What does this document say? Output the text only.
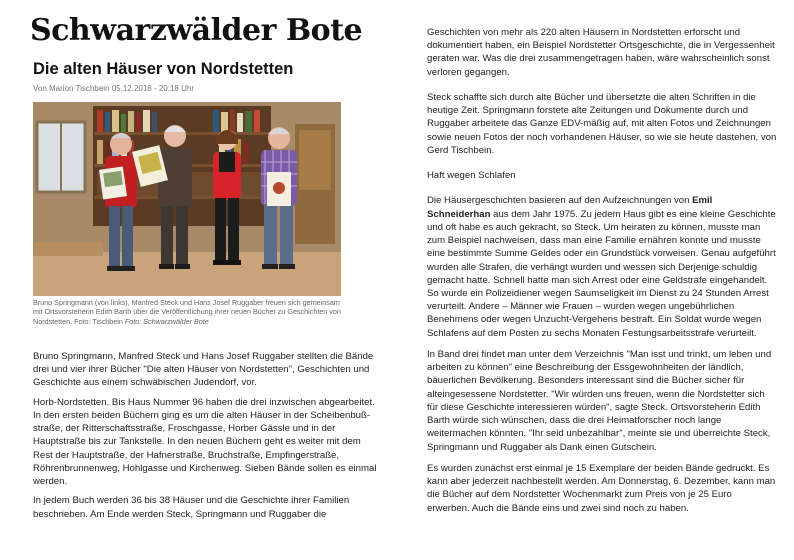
Schwarzwälder Bote
Die alten Häuser von Nordstetten
Von Marion Tischbein 05.12.2018 - 20:18 Uhr
Bruno Springmann (von links), Manfred Steck und Hans Josef Ruggaber freuen sich gemeinsam mit Ortsvorsteherin Edith Barth über die Veröffentlichung ihrer neuen Bücher zu Geschichten von Nordstetten. Foto: Tischbein Foto: Schwarzwälder Bote

Bruno Springmann, Manfred Steck und Hans Josef Ruggaber stellten die Bände drei und vier ihrer Bücher "Die alten Häuser von Nordstetten", Geschichten und Geschichte aus einem schwäbischen Judendorf, vor.

Horb-Nordstetten. Bis Haus Nummer 96 haben die drei inzwischen abgearbeitet. In den ersten beiden Büchern ging es um die alten Häuser in der Scheibenbuß-straße, der Ritterschaftsstraße, Froschgasse, Horber Gässle und in der Hauptstraße bis zur Tankstelle. In den neuen Büchern geht es weiter mit dem Rest der Hauptstraße, der Hafnerstraße, Bruchstraße, Empfingerstraße, Röhrenbrunnenweg, Hohlgasse und Kirchenweg. Sieben Bände sollen es einmal werden.

In jedem Buch werden 36 bis 38 Häuser und die Geschichte ihrer Familien beschrieben. Am Ende werden Steck, Springmann und Ruggaber die

Geschichten von mehr als 220 alten Häusern in Nordstetten erforscht und dokumentiert haben, ein Beispiel Nordstetter Ortsgeschichte, die in Vergessenheit geraten war. Was die drei zusammengetragen haben, wäre wahrscheinlich sonst verloren gegangen.

Steck schaffte sich durch alte Bücher und übersetzte die alten Schriften in die heutige Zeit. Springmann forstete alte Zeitungen und Dokumente durch und Ruggaber arbeitete das Ganze EDV-mäßig auf, mit alten Fotos und Zeichnungen sowie neuen Fotos der noch vorhandenen Häuser, so wie sie heute dastehen, von Gerd Tischbein.

Haft wegen Schlafen

Die Häusergeschichten basieren auf den Aufzeichnungen von Emil Schneiderhan aus dem Jahr 1975. Zu jedem Haus gibt es eine kleine Geschichte und oft habe es auch gekracht, so Steck. Um heiraten zu können, musste man zum Beispiel nachweisen, dass man eine Familie ernähren konnte und musste eine bestimmte Summe Geldes oder ein Grundstück vorweisen. Genau aufgeführt wurden alle Strafen, die verhängt wurden und wessen sich Derjenige schuldig gemacht hatte. Schnell hatte man sich Arrest oder eine Geldstrafe eingehandelt. So wurde ein Polizeidiener wegen Saumseligkeit im Dienst zu 24 Stunden Arrest verurteilt. Andere – Männer wie Frauen – wurden wegen ungebührlichen Benehmens oder wegen Unzucht-Vergehens bestraft. Ein Soldat wurde wegen Schlafens auf dem Posten zu sechs Monaten Festungsarbeitsstrafe verurteilt.

In Band drei findet man unter dem Verzeichnis "Man isst und trinkt, um leben und arbeiten zu können" eine Beschreibung der Essgewohnheiten der ländlich, bäuerlichen Bevölkerung. Besonders interessant sind die Bücher sicher für alteingesessene Nordstetter. "Wir würden uns freuen, wenn die Nordstetter sich für diese Geschichte interessieren würden", sagte Steck. Ortsvorsteherin Edith Barth würde sich wünschen, dass die drei Heimatforscher noch lange weitermachen könnten. "Ihr seid unbezahlbar", meinte sie und überreichte Steck, Springmann und Ruggaber als Dank einen Gutschein.

Es wurden zunächst erst einmal je 15 Exemplare der beiden Bände gedruckt. Es kann aber jederzeit nachbestellt werden. Am Donnerstag, 6. Dezember, kann man die Bücher auf dem Nordstetter Wochenmarkt zum Preis von je 25 Euro erwerben. Auch die Bände eins und zwei sind noch zu haben.
